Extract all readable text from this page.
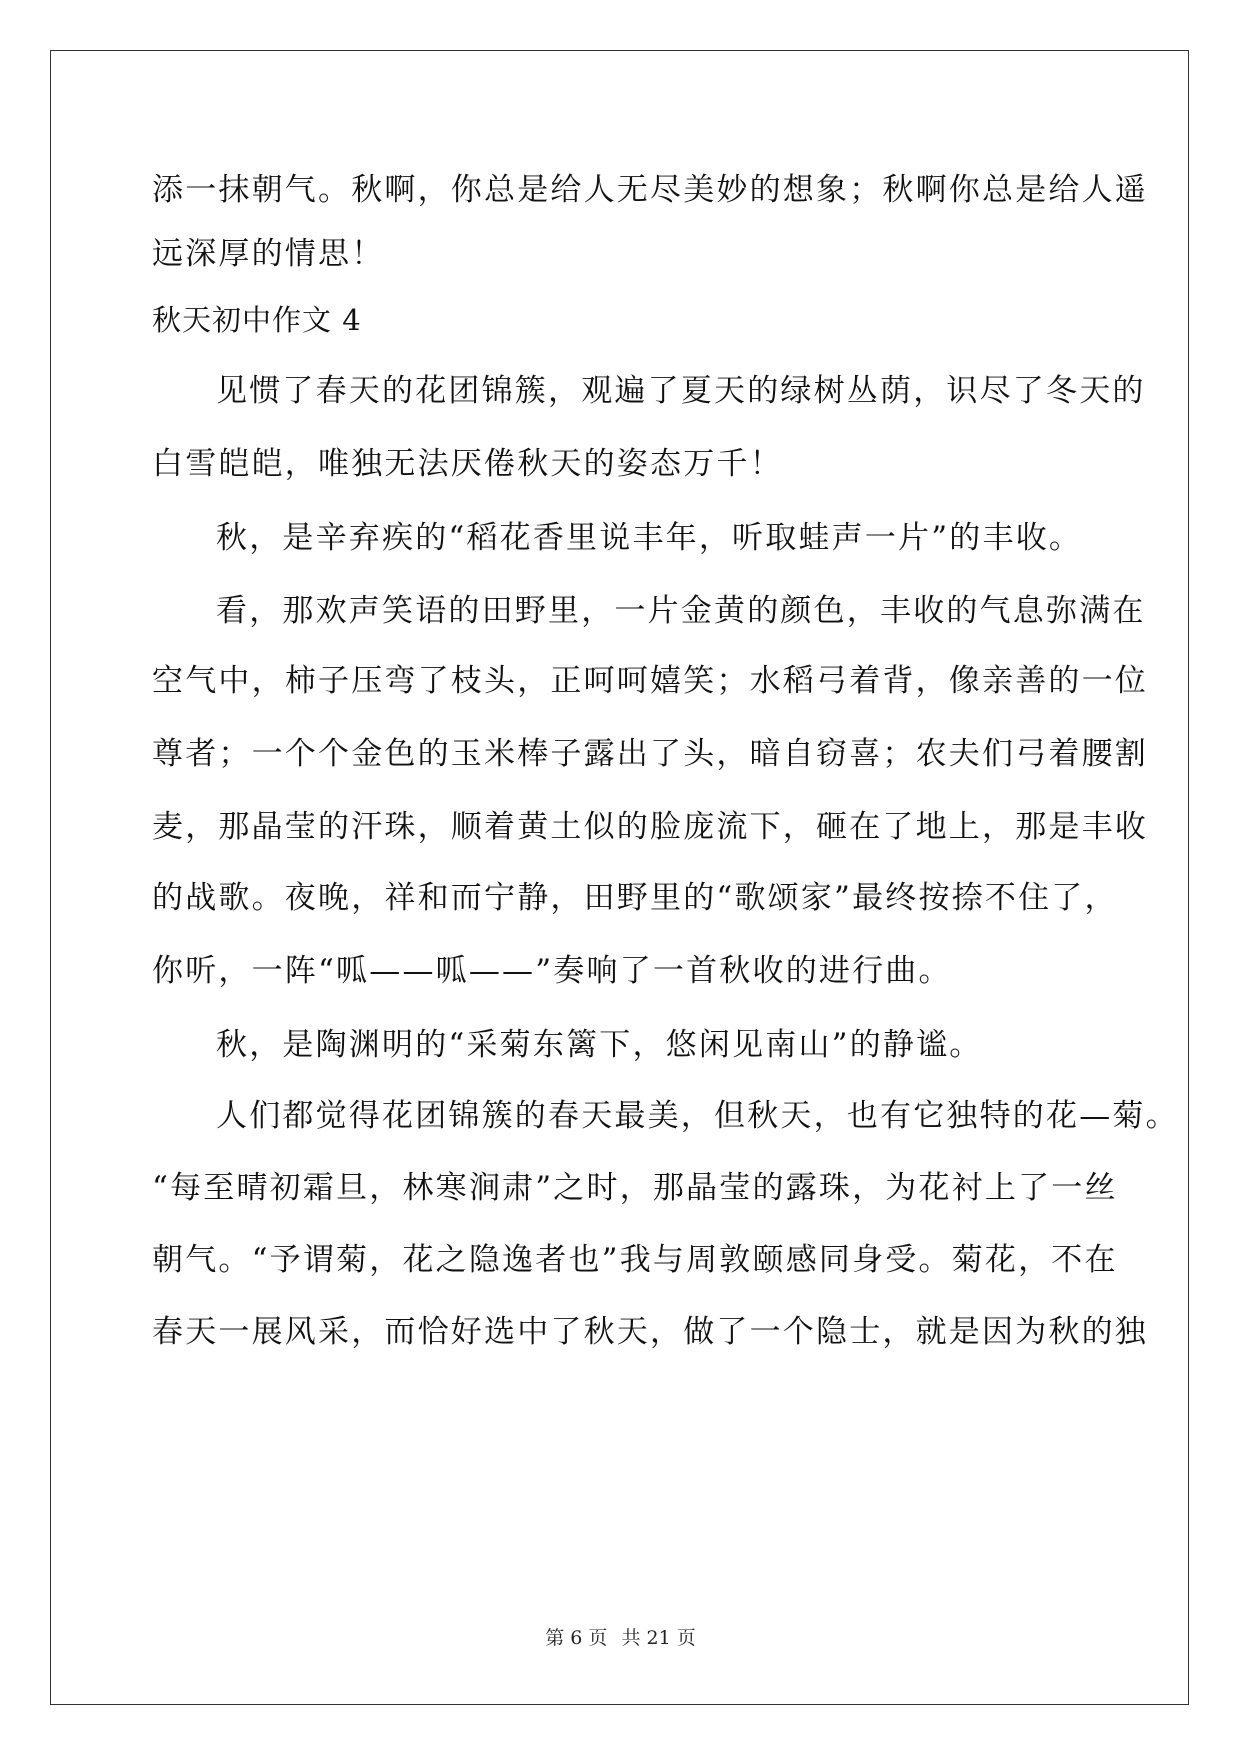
添一抹朝气。秋啊，你总是给人无尽美妙的想象；秋啊你总是给人遥
远深厚的情思！
秋天初中作文 4
见惯了春天的花团锦簇，观遍了夏天的绿树丛荫，识尽了冬天的
白雪皑皑，唯独无法厌倦秋天的姿态万千！
秋，是辛弃疾的“稻花香里说丰年，听取蛙声一片”的丰收。
看，那欢声笑语的田野里，一片金黄的颜色，丰收的气息弥满在
空气中，柿子压弯了枝头，正呵呵嬉笑；水稻弓着背，像亲善的一位
尊者；一个个金色的玉米棒子露出了头，暗自窃喜；农夫们弓着腰割
麦，那晶莹的汗珠，顺着黄土似的脸庞流下，砸在了地上，那是丰收
的战歌。夜晚，祥和而宁静，田野里的“歌颂家”最终按捺不住了，
你听，一阵“呱——呱——”奏响了一首秋收的进行曲。
秋，是陶渊明的“采菊东篱下，悠闲见南山”的静谧。
人们都觉得花团锦簇的春天最美，但秋天，也有它独特的花—菊。
“每至晴初霜旦，林寒涧肃”之时，那晶莹的露珠，为花衬上了一丝
朝气。“予谓菊，花之隐逸者也”我与周敦颐感同身受。菊花，不在
春天一展风采，而恰好选中了秋天，做了一个隐士，就是因为秋的独
第 6 页 共 21 页
